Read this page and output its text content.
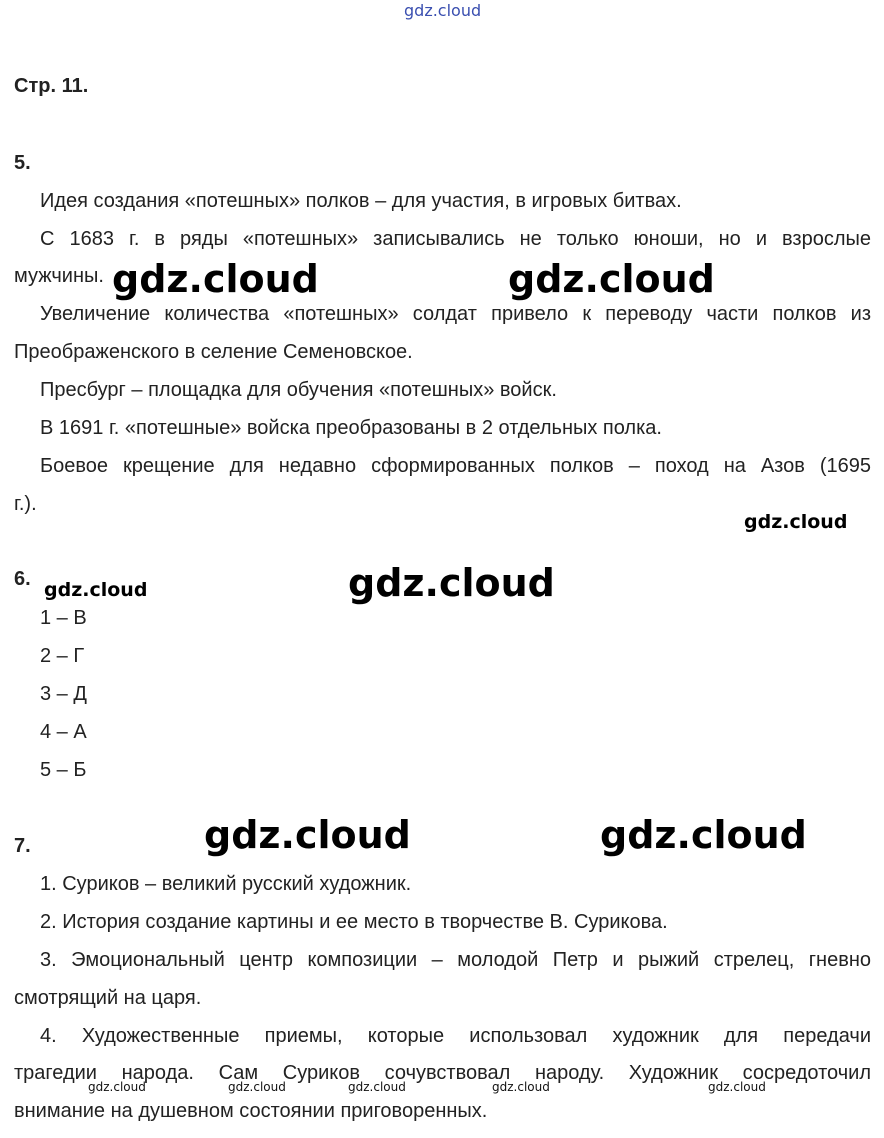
gdz.cloud
Стр. 11.
5.
Идея создания «потешных» полков – для участия, в игровых битвах.
С 1683 г. в ряды «потешных» записывались не только юноши, но и взрослые
мужчины.
Увеличение количества «потешных» солдат привело к переводу части полков из
Преображенского в селение Семеновское.
Пресбург – площадка для обучения «потешных» войск.
В 1691 г. «потешные» войска преобразованы в 2 отдельных полка.
Боевое крещение для недавно сформированных полков – поход на Азов (1695
г.).
gdz.cloud	gdz.cloud
gdz.cloud
6. gdz.cloud	gdz.cloud
1 – В
2 – Г
3 – Д
4 – А
5 – Б
7.	gdz.cloud	gdz.cloud
1. Суриков – великий русский художник.
2. История создание картины и ее место в творчестве В. Сурикова.
3. Эмоциональный центр композиции – молодой Петр и рыжий стрелец, гневно
смотрящий на царя.
4. Художественные приемы, которые использовал художник для передачи
трагедии народа. Сам Суриков сочувствовал народу. Художник сосредоточил
внимание на душевном состоянии приговоренных.
gdz.cloud	gdz.cloud	gdz.cloud	gdz.cloud	gdz.cloud
